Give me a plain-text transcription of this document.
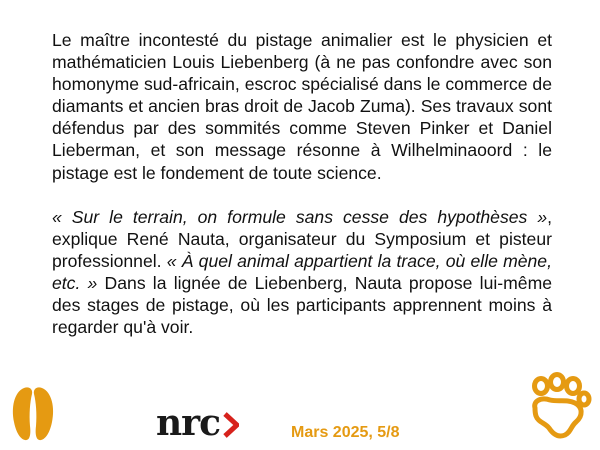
Le maître incontesté du pistage animalier est le physicien et mathématicien Louis Liebenberg (à ne pas confondre avec son homonyme sud-africain, escroc spécialisé dans le commerce de diamants et ancien bras droit de Jacob Zuma). Ses travaux sont défendus par des sommités comme Steven Pinker et Daniel Lieberman, et son message résonne à Wilhelminaoord : le pistage est le fondement de toute science.

« Sur le terrain, on formule sans cesse des hypothèses », explique René Nauta, organisateur du Symposium et pisteur professionnel. « À quel animal appartient la trace, où elle mène, etc. » Dans la lignée de Liebenberg, Nauta propose lui-même des stages de pistage, où les participants apprennent moins à regarder qu'à voir.

nrc	Mars 2025, 5/8
